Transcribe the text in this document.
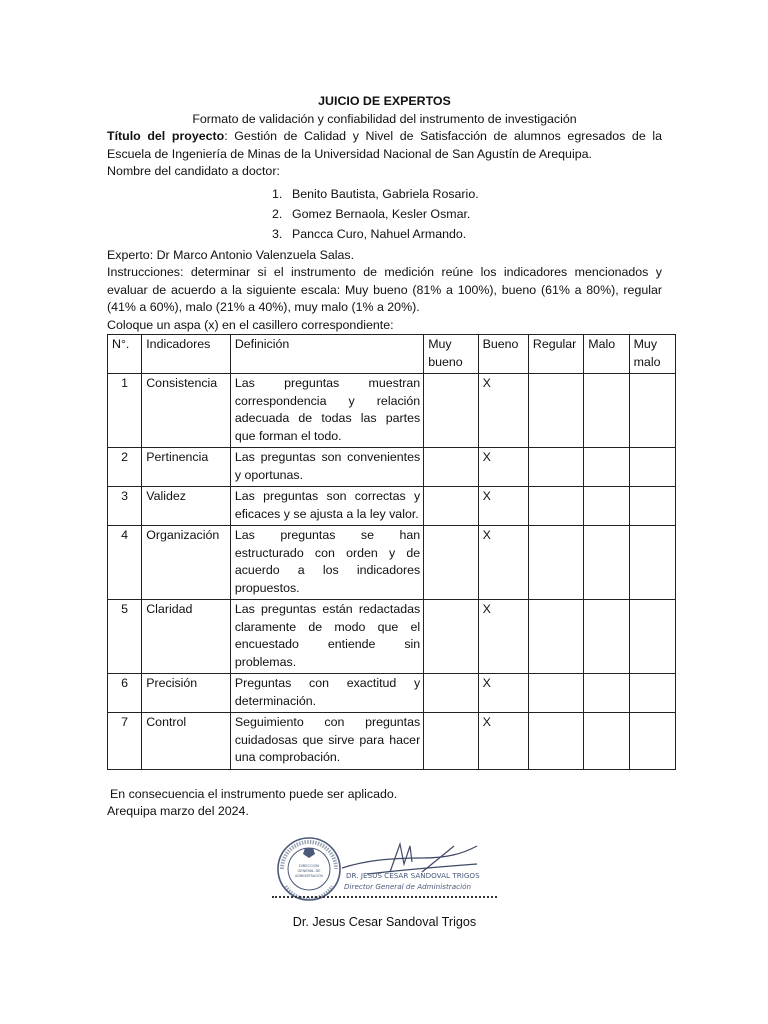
JUICIO DE EXPERTOS
Formato de validación y confiabilidad del instrumento de investigación
Título del proyecto: Gestión de Calidad y Nivel de Satisfacción de alumnos egresados de la Escuela de Ingeniería de Minas de la Universidad Nacional de San Agustín de Arequipa.
Nombre del candidato a doctor:
1. Benito Bautista, Gabriela Rosario.
2. Gomez Bernaola, Kesler Osmar.
3. Pancca Curo, Nahuel Armando.
Experto: Dr Marco Antonio Valenzuela Salas.
Instrucciones: determinar si el instrumento de medición reúne los indicadores mencionados y evaluar de acuerdo a la siguiente escala: Muy bueno (81% a 100%), bueno (61% a 80%), regular (41% a 60%), malo (21% a 40%), muy malo (1% a 20%).
Coloque un aspa (x) en el casillero correspondiente:
N°.	Indicadores	Definición	Muy bueno	Bueno	Regular	Malo	Muy malo
1	Consistencia	Las preguntas muestran correspondencia y relación adecuada de todas las partes que forman el todo.		X			
2	Pertinencia	Las preguntas son convenientes y oportunas.		X			
3	Validez	Las preguntas son correctas y eficaces y se ajusta a la ley valor.		X			
4	Organización	Las preguntas se han estructurado con orden y de acuerdo a los indicadores propuestos.		X			
5	Claridad	Las preguntas están redactadas claramente de modo que el encuestado entiende sin problemas.		X			
6	Precisión	Preguntas con exactitud y determinación.		X			
7	Control	Seguimiento con preguntas cuidadosas que sirve para hacer una comprobación.		X			
En consecuencia el instrumento puede ser aplicado.
Arequipa marzo del 2024.
DIRECCIÓN
GENERAL DE
ADMINISTRACIÓN	DR. JESUS CESAR SANDOVAL TRIGOS
Director General de Administración
Dr. Jesus Cesar Sandoval Trigos
